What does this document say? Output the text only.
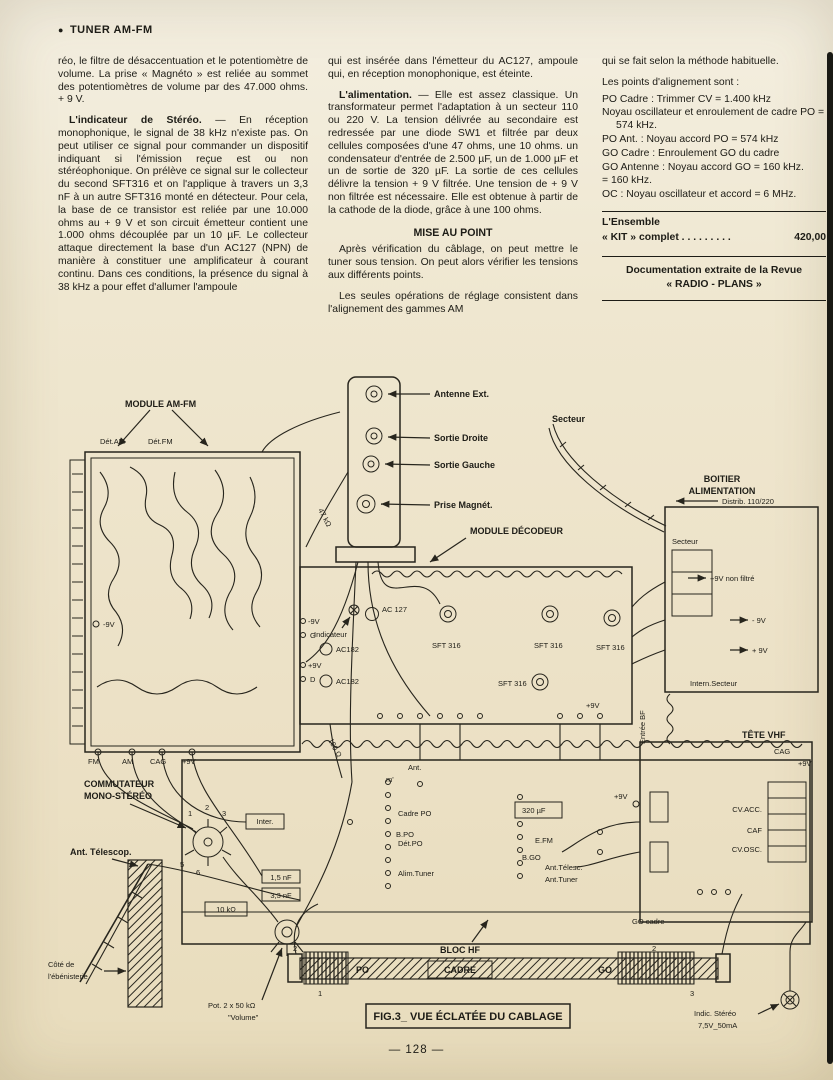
● TUNER AM-FM

réo, le filtre de désaccentuation et le potentiomètre de volume. La prise « Magnéto » est reliée au sommet des potentiomètres de volume par des 47.000 ohms. + 9 V.

L'indicateur de Stéréo. — En réception monophonique, le signal de 38 kHz n'existe pas. On peut utiliser ce signal pour commander un dispositif indiquant si l'émission reçue est ou non stéréophonique. On prélève ce signal sur le collecteur du second SFT316 et on l'applique à travers un 3,3 nF à un autre SFT316 monté en détecteur. Pour cela, la base de ce transistor est reliée par une 10.000 ohms au + 9 V et son circuit émetteur contient une 1.000 ohms découplée par un 10 µF. Le collecteur attaque directement la base d'un AC127 (NPN) de manière à constituer une amplificateur à courant continu. Dans ces conditions, la présence du signal à 38 kHz a pour effet d'allumer l'ampoule

qui est insérée dans l'émetteur du AC127, ampoule qui, en réception monophonique, est éteinte.

L'alimentation. — Elle est assez classique. Un transformateur permet l'adaptation à un secteur 110 ou 220 V. La tension délivrée au secondaire est redressée par une diode SW1 et filtrée par deux cellules composées d'une 47 ohms, une 10 ohms. un condensateur d'entrée de 2.500 µF, un de 1.000 µF et un de sortie de 320 µF. La sortie de ces cellules délivre la tension + 9 V filtrée. Une tension de + 9 V non filtrée est nécessaire. Elle est obtenue à partir de la cathode de la diode, grâce à une 100 ohms.

MISE AU POINT

Après vérification du câblage, on peut mettre le tuner sous tension. On peut alors vérifier les tensions aux différents points.

Les seules opérations de réglage consistent dans l'alignement des gammes AM

qui se fait selon la méthode habituelle.

Les points d'alignement sont :

PO Cadre : Trimmer CV = 1.400 kHz
Noyau oscillateur et enroulement de cadre PO = 574 kHz.
PO Ant. : Noyau accord PO = 574 kHz
GO Cadre : Enroulement GO du cadre
GO Antenne : Noyau accord GO = 160 kHz.
= 160 kHz.
OC : Noyau oscillateur et accord = 6 MHz.
L'Ensemble
« KIT » complet . . . . . . . . .	420,00
Documentation extraite de la Revue
« RADIO - PLANS »
MODULE AM-FM
Dét.AM	Dét.FM
-9V
FM	AM CAG +9V
Antenne Ext.
Sortie Droite
Sortie Gauche
Prise Magnét.
Secteur
MODULE DÉCODEUR
-9V
G
+9V
D
AC182
AC182
AC 127
Indicateur
SFT 316	SFT 316	SFT 316
SFT 316
+9V
Entrée BF
BOITIER
ALIMENTATION
Distrib. 110/220
Secteur
+9V non filtré
- 9V
+ 9V
Intern.Secteur
TÊTE VHF
CAG
+9V
CV.ACC.
CAF
CV.OSC.
+9V
Ant.
m'
Cadre PO
B.PO
Dét.PO
320 µF
E.FM
B.GO
Alim.Tuner
Ant.Télesc.
Ant.Tuner
BLOC HF
GO cadre
COMMUTATEUR
MONO-STÉRÉO
1
2
3
5
6
Inter.
Ant. Télescop.
Côté de
l'ébénisterie
10 kΩ
1,5 nF
3,3 nF
47 kΩ
100 Ω
Pot. 2 x 50 kΩ
"Volume"
PO	CADRE	GO
2
1
2
3
FIG.3_ VUE ÉCLATÉE DU CABLAGE	Indic. Stéréo
7,5V_50mA
— 128 —
